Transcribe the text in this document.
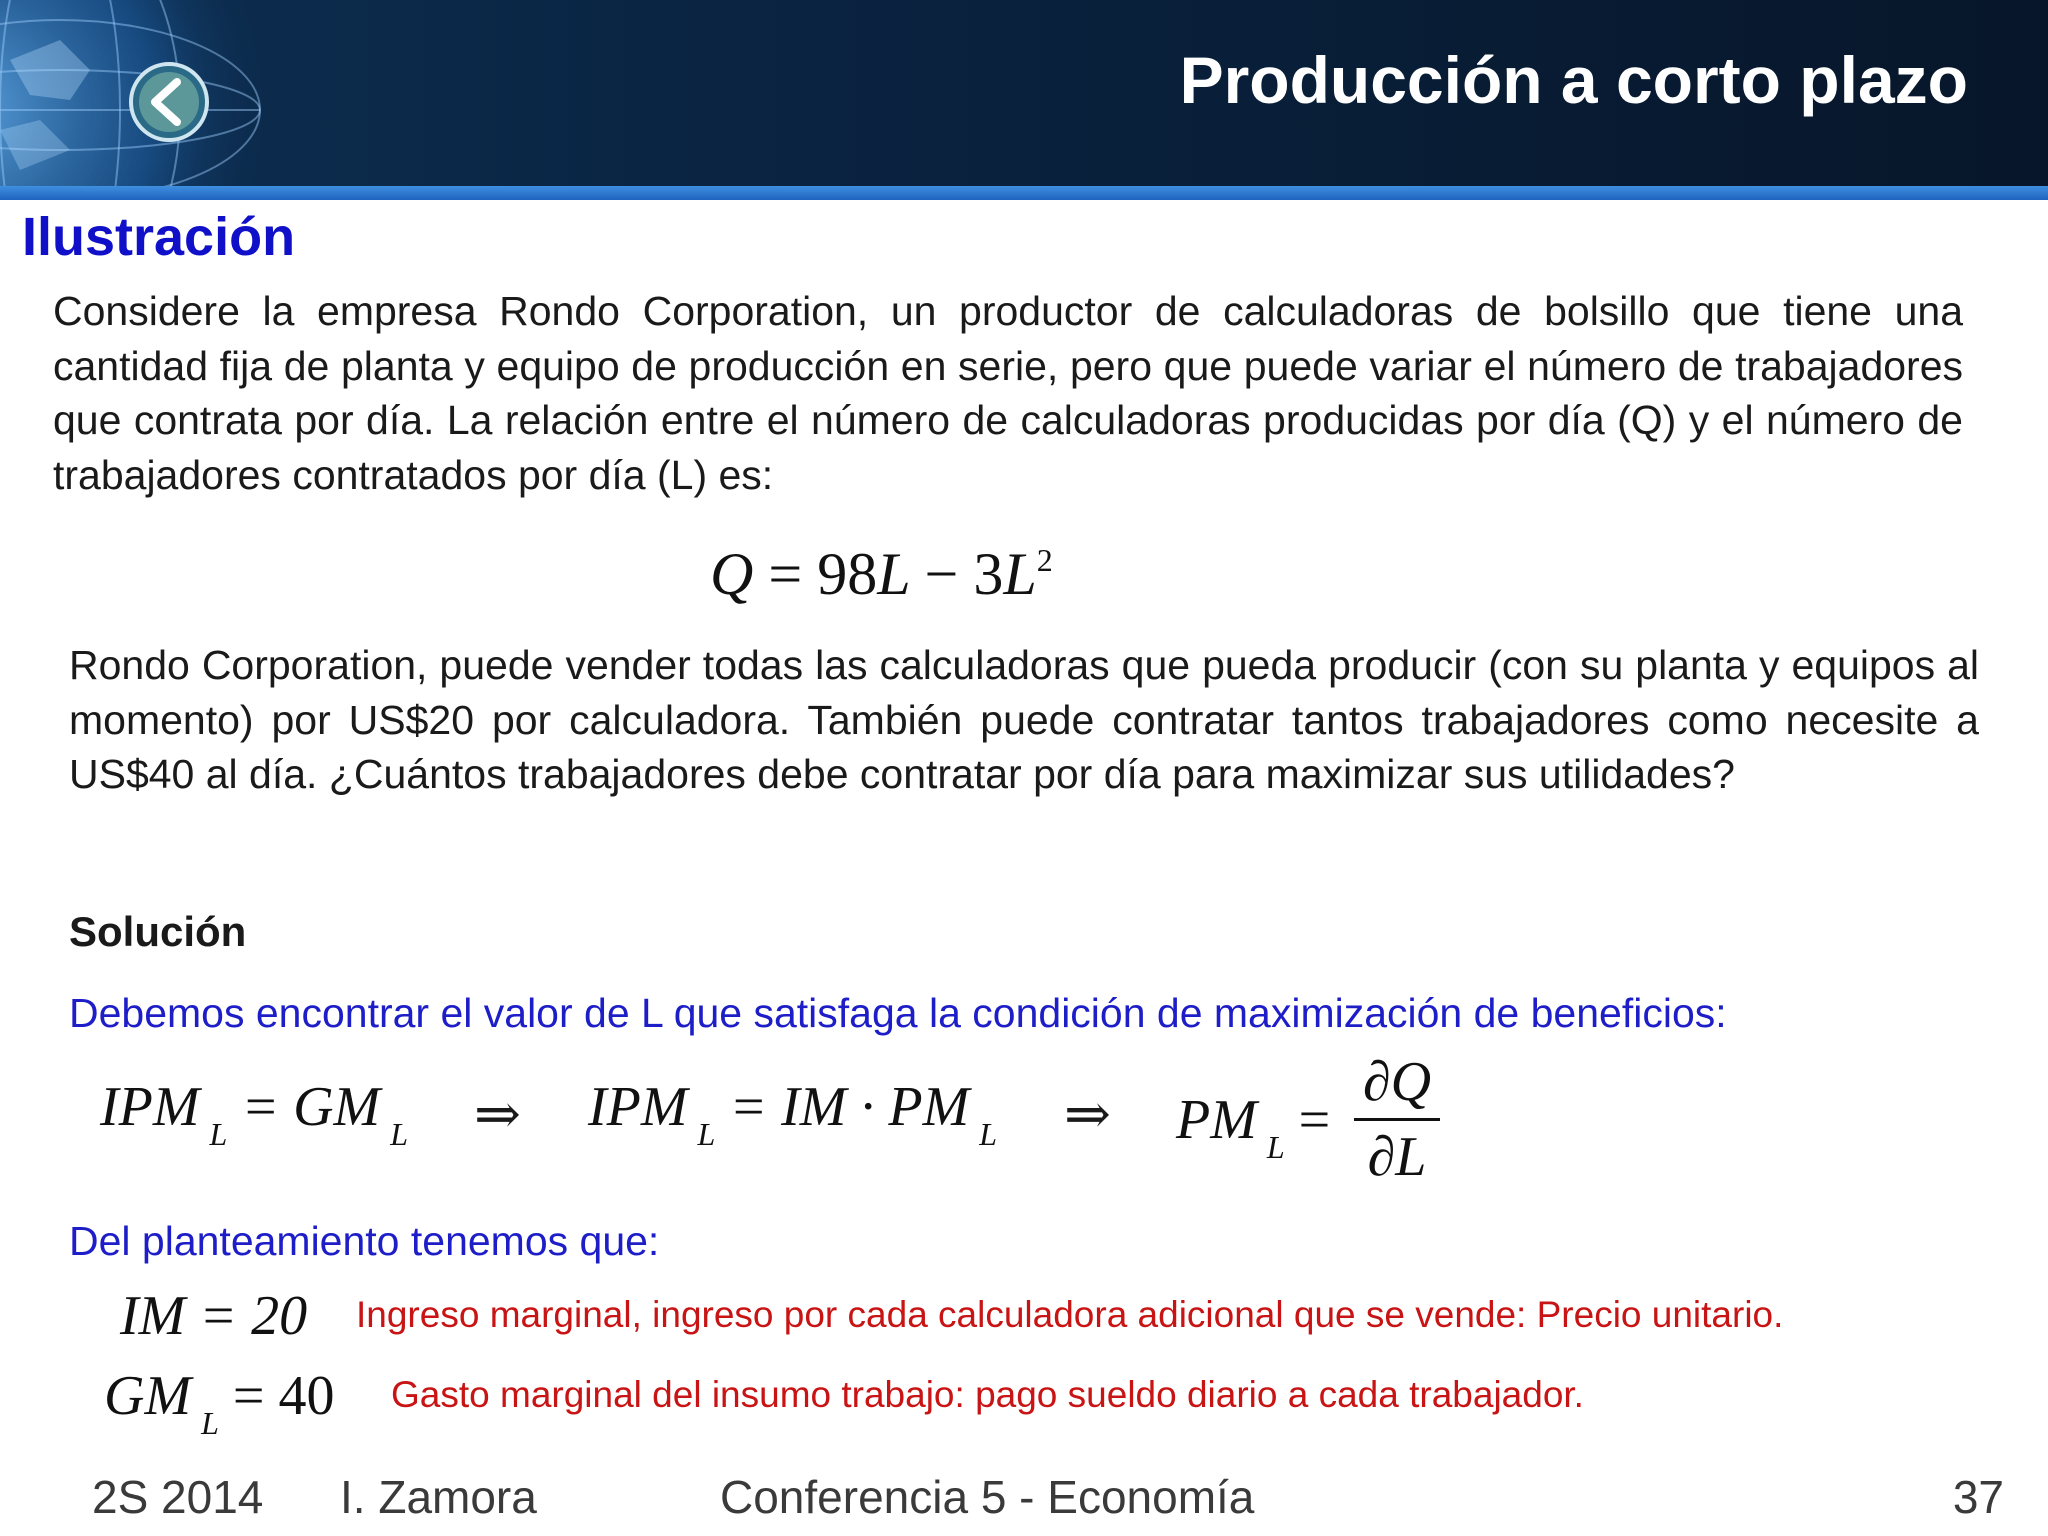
Producción a corto plazo
Ilustración

Considere la empresa Rondo Corporation, un productor de calculadoras de bolsillo que tiene una cantidad fija de planta y equipo de producción en serie, pero que puede variar el número de trabajadores que contrata por día. La relación entre el número de calculadoras producidas por día (Q) y el número de trabajadores contratados por día (L) es:

$Q = 98L - 3L^2$

Rondo Corporation, puede vender todas las calculadoras que pueda producir (con su planta y equipos al momento) por US$20 por calculadora. También puede contratar tantos trabajadores como necesite a US$40 al día. ¿Cuántos trabajadores debe contratar por día para maximizar sus utilidades?

Solución
Debemos encontrar el valor de L que satisfaga la condición de maximización de beneficios:
IPM $_L$ = GM $_L$ ⇒ IPM $_L$ = IM · PM $_L$ ⇒ PM $_L$ =
∂Q
∂L
Del planteamiento tenemos que:
IM = 20 Ingreso marginal, ingreso por cada calculadora adicional que se vende: Precio unitario.
GM $_L$ = 40 Gasto marginal del insumo trabajo: pago sueldo diario a cada trabajador.
2S 2014 I. Zamora	Conferencia 5 - Economía	37
